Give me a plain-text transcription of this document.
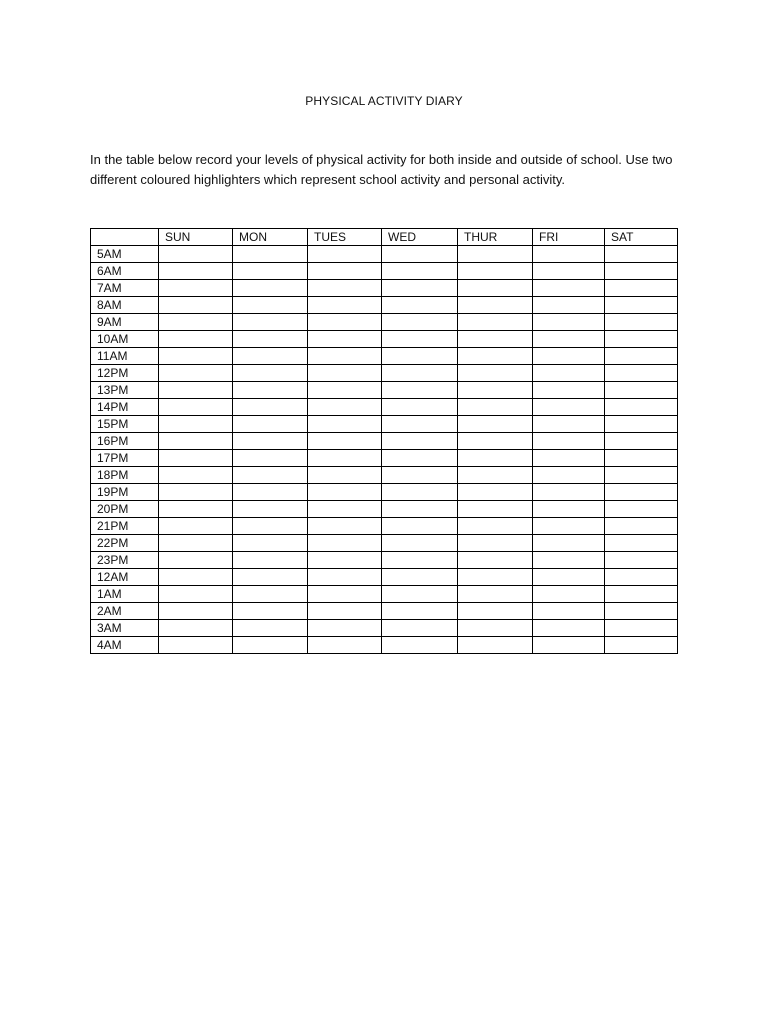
PHYSICAL ACTIVITY DIARY
In the table below record your levels of physical activity for both inside and outside of school. Use two different coloured highlighters which represent school activity and personal activity.
	SUN	MON	TUES	WED	THUR	FRI	SAT
5AM							
6AM							
7AM							
8AM							
9AM							
10AM							
11AM							
12PM							
13PM							
14PM							
15PM							
16PM							
17PM							
18PM							
19PM							
20PM							
21PM							
22PM							
23PM							
12AM							
1AM							
2AM							
3AM							
4AM							
